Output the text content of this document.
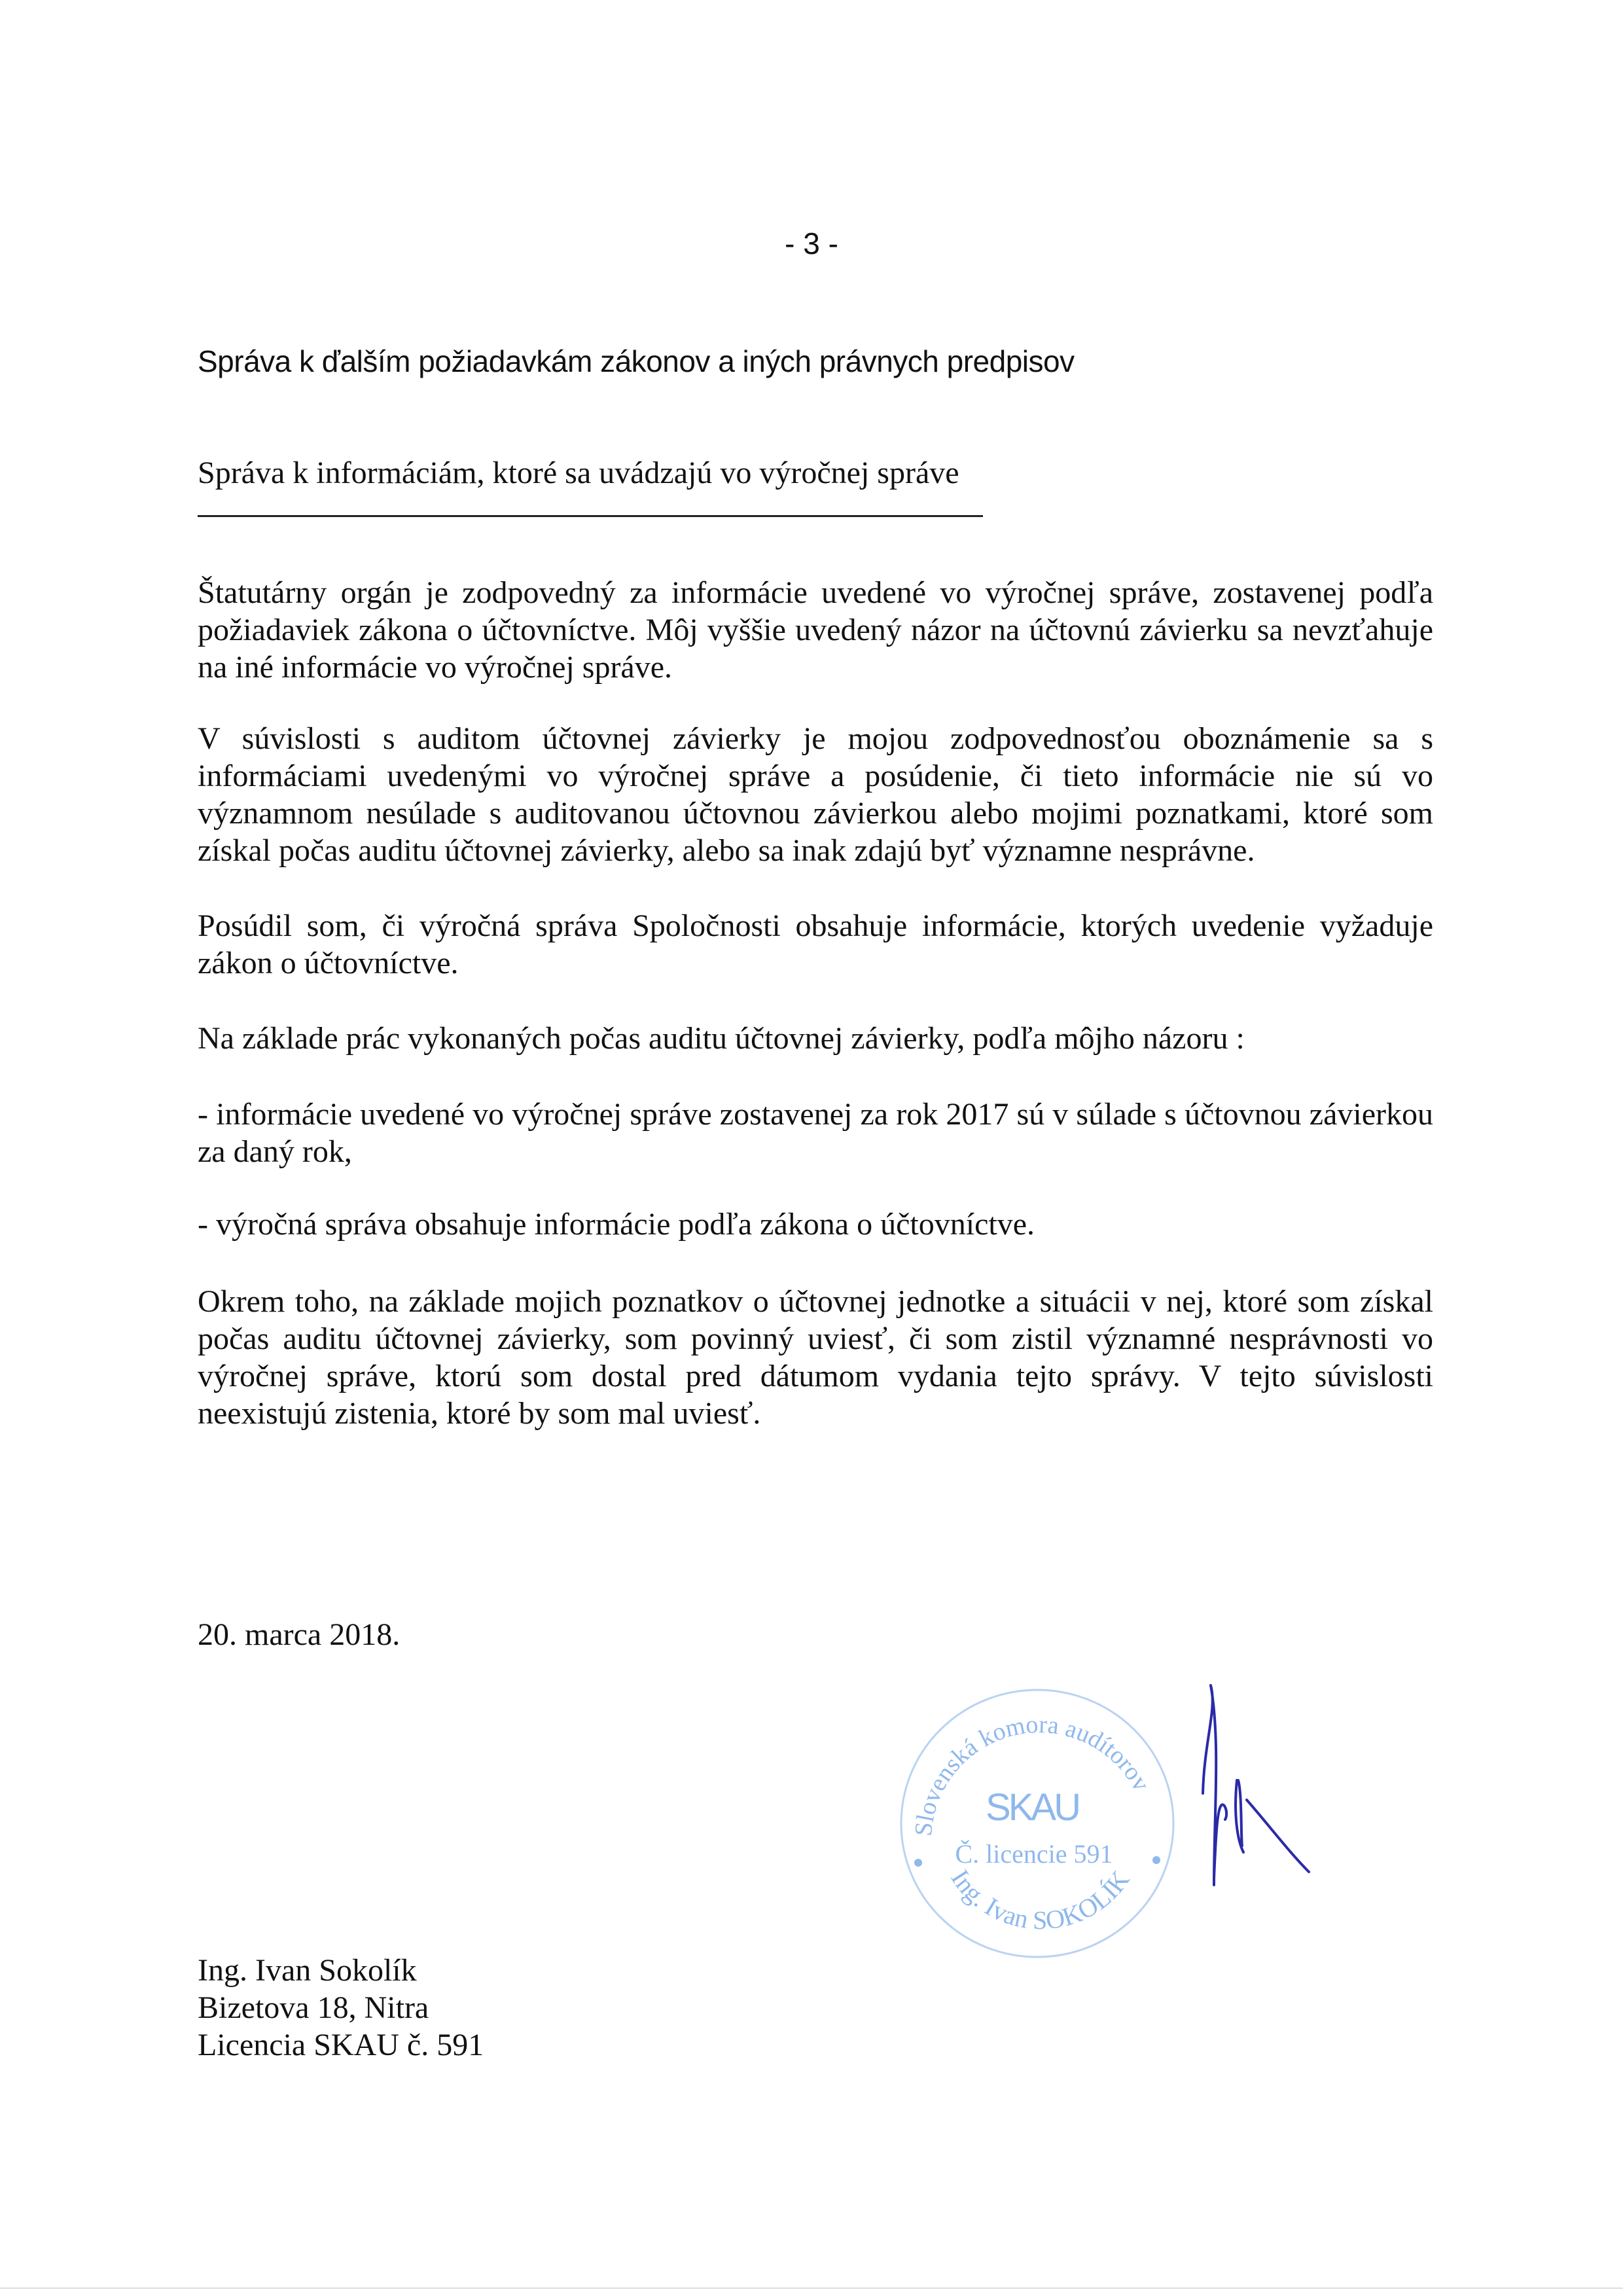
- 3 -
Správa k ďalším požiadavkám zákonov a iných právnych predpisov
Správa k informáciám, ktoré sa uvádzajú vo výročnej správe
Štatutárny orgán je zodpovedný za informácie uvedené vo výročnej správe, zostavenej podľa požiadaviek zákona o účtovníctve. Môj vyššie uvedený názor na účtovnú závierku sa nevzťahuje na iné informácie vo výročnej správe.
V súvislosti s auditom účtovnej závierky je mojou zodpovednosťou oboznámenie sa s informáciami uvedenými vo výročnej správe a posúdenie, či tieto informácie nie sú vo významnom nesúlade s auditovanou účtovnou závierkou alebo mojimi poznatkami, ktoré som získal počas auditu účtovnej závierky, alebo sa inak zdajú byť významne nesprávne.
Posúdil som, či výročná správa Spoločnosti obsahuje informácie, ktorých uvedenie vyžaduje zákon o účtovníctve.
Na základe prác vykonaných počas auditu účtovnej závierky, podľa môjho názoru :
- informácie uvedené vo výročnej správe zostavenej za rok 2017 sú v súlade s účtovnou závierkou za daný rok,
- výročná správa obsahuje informácie podľa zákona o účtovníctve.
Okrem toho, na základe mojich poznatkov o účtovnej jednotke a situácii v nej, ktoré som získal počas auditu účtovnej závierky, som povinný uviesť, či som zistil významné nesprávnosti vo výročnej správe, ktorú som dostal pred dátumom vydania tejto správy. V tejto súvislosti neexistujú zistenia, ktoré by som mal uviesť.
20. marca 2018.
Slovenská komora audítorov
Ing. Ivan SOKOLÍK
SKAU
Č. licencie 591
Ing. Ivan Sokolík
Bizetova 18, Nitra
Licencia SKAU č. 591
